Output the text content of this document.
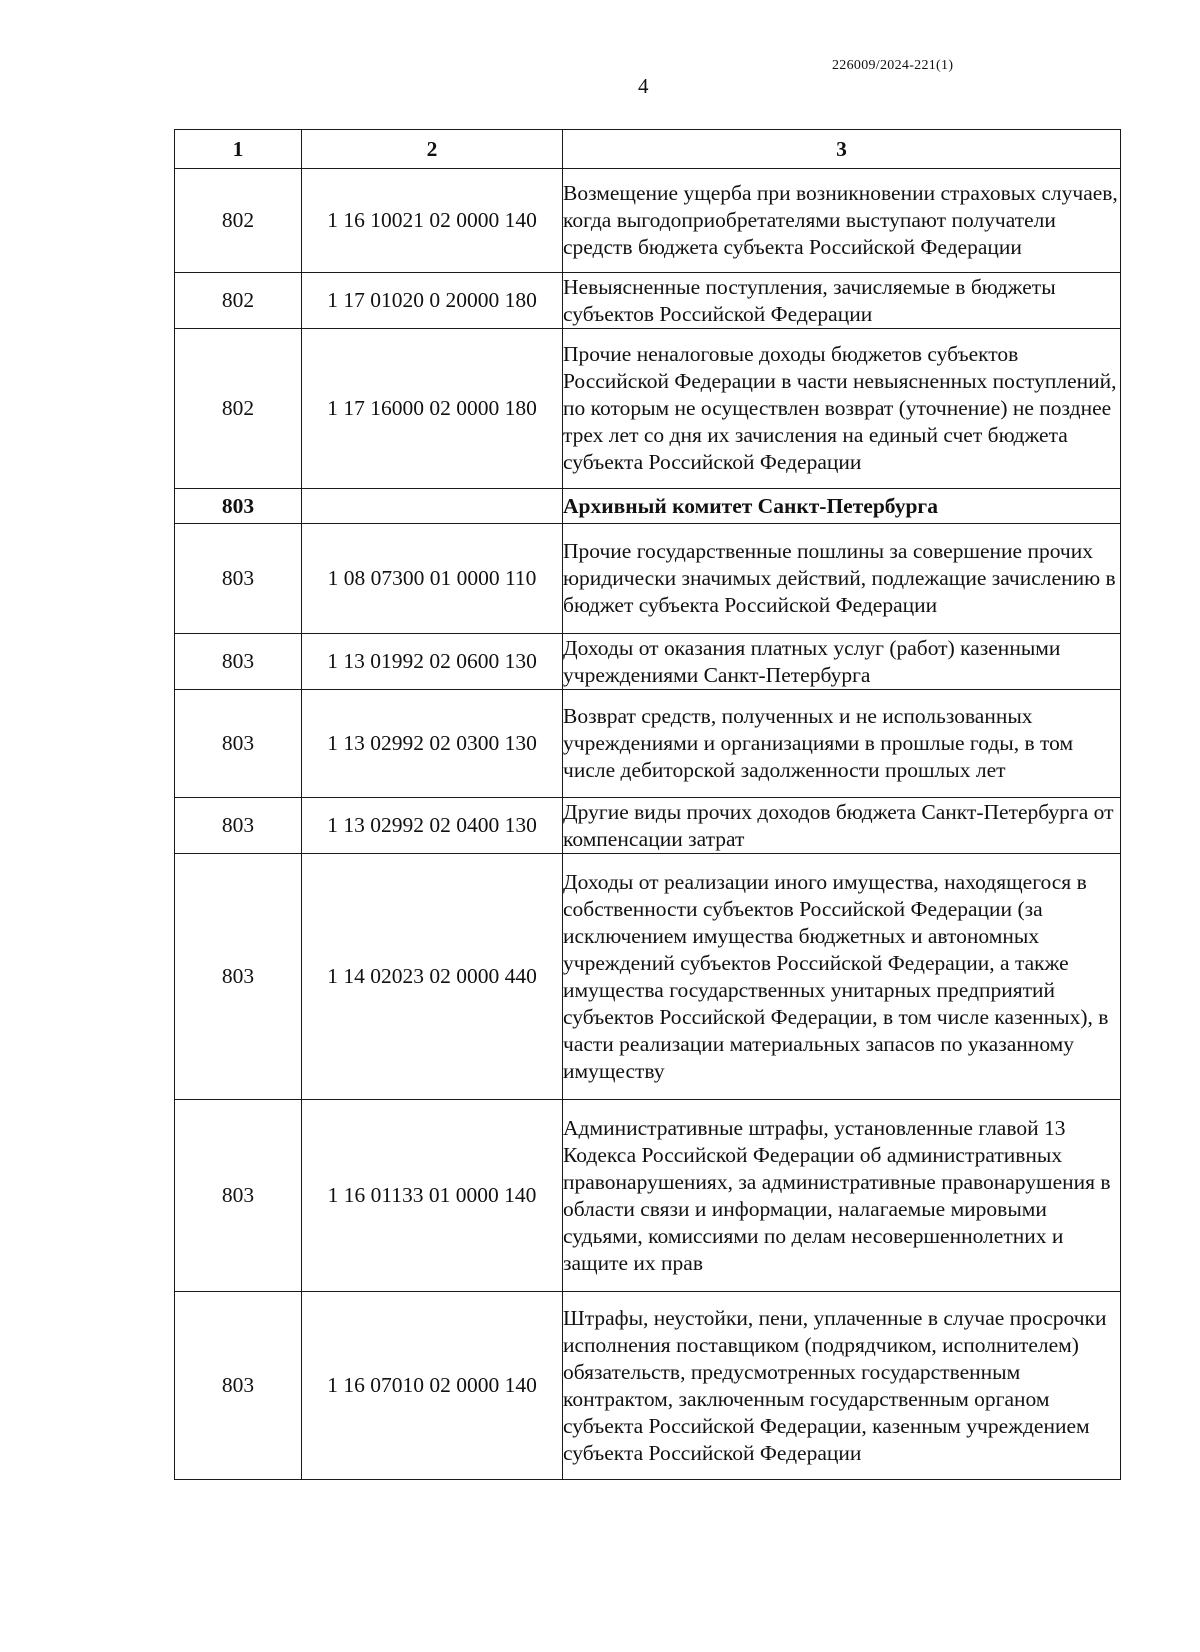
226009/2024-221(1)
4
1	2	3
802	1 16 10021 02 0000 140	Возмещение ущерба при возникновении страховых случаев, когда выгодоприобретателями выступают получатели средств бюджета субъекта Российской Федерации
802	1 17 01020 0 20000 180	Невыясненные поступления, зачисляемые в бюджеты субъектов Российской Федерации
802	1 17 16000 02 0000 180	Прочие неналоговые доходы бюджетов субъектов Российской Федерации в части невыясненных поступлений, по которым не осуществлен возврат (уточнение) не позднее трех лет со дня их зачисления на единый счет бюджета субъекта Российской Федерации
803		Архивный комитет Санкт-Петербурга
803	1 08 07300 01 0000 110	Прочие государственные пошлины за совершение прочих юридически значимых действий, подлежащие зачислению в бюджет субъекта Российской Федерации
803	1 13 01992 02 0600 130	Доходы от оказания платных услуг (работ) казенными учреждениями Санкт-Петербурга
803	1 13 02992 02 0300 130	Возврат средств, полученных и не использованных учреждениями и организациями в прошлые годы, в том числе дебиторской задолженности прошлых лет
803	1 13 02992 02 0400 130	Другие виды прочих доходов бюджета Санкт-Петербурга от компенсации затрат
803	1 14 02023 02 0000 440	Доходы от реализации иного имущества, находящегося в собственности субъектов Российской Федерации (за исключением имущества бюджетных и автономных учреждений субъектов Российской Федерации, а также имущества государственных унитарных предприятий субъектов Российской Федерации, в том числе казенных), в части реализации материальных запасов по указанному имуществу
803	1 16 01133 01 0000 140	Административные штрафы, установленные главой 13 Кодекса Российской Федерации об административных правонарушениях, за административные правонарушения в области связи и информации, налагаемые мировыми судьями, комиссиями по делам несовершеннолетних и защите их прав
803	1 16 07010 02 0000 140	Штрафы, неустойки, пени, уплаченные в случае просрочки исполнения поставщиком (подрядчиком, исполнителем) обязательств, предусмотренных государственным контрактом, заключенным государственным органом субъекта Российской Федерации, казенным учреждением субъекта Российской Федерации
